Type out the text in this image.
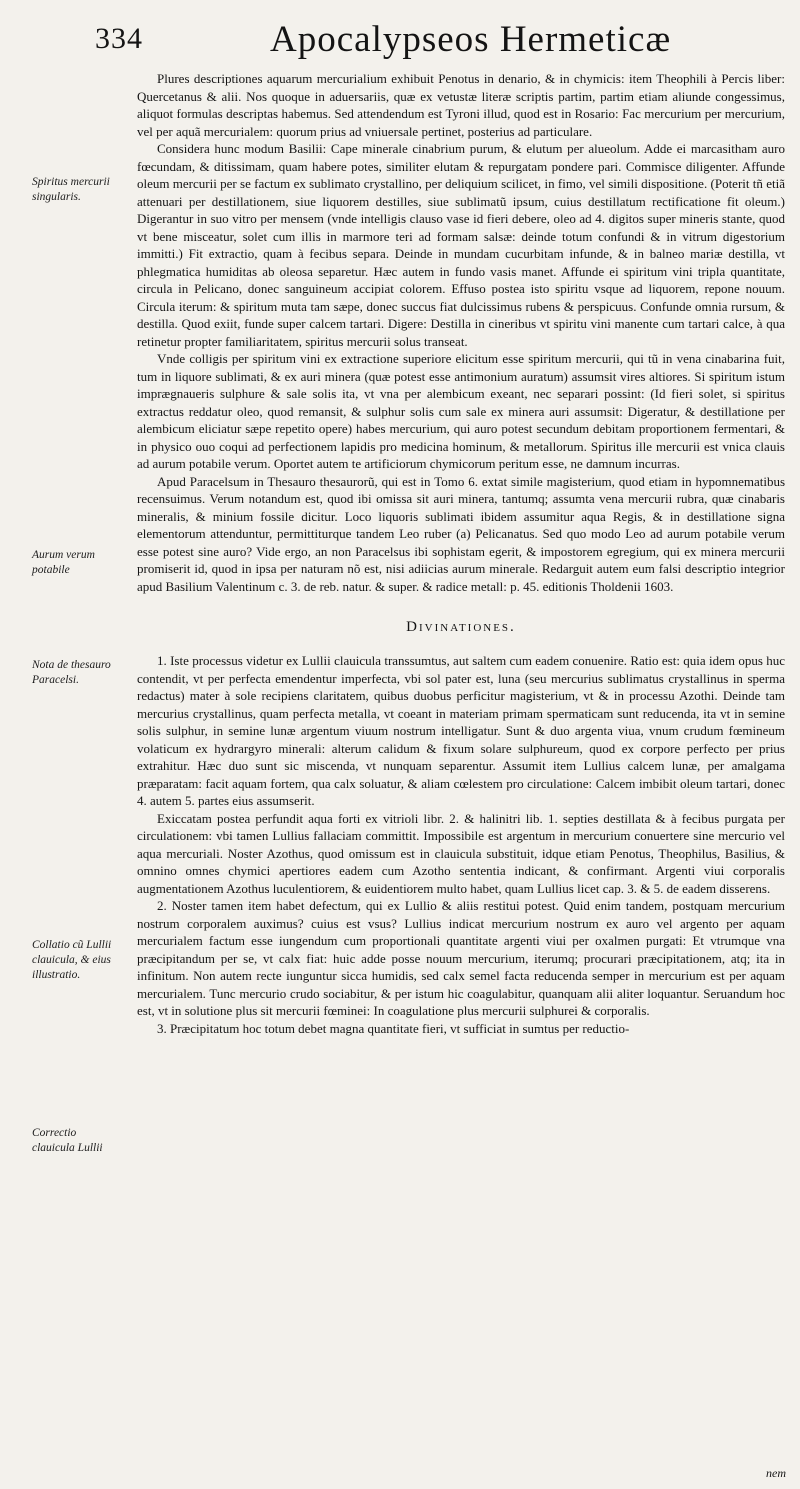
334	Apocalypseos Hermeticæ
Spiritus mercurii singularis.
Aurum verum potabile
Nota de thesauro Paracelsi.
Collatio cũ Lullii clauicula, & eius illustratio.
Correctio clauicula Lullii

Plures descriptiones aquarum mercurialium exhibuit Penotus in denario, & in chymicis: item Theophili à Percis liber: Quercetanus & alii. Nos quoque in aduersariis, quæ ex vetustæ literæ scriptis partim, partim etiam aliunde congessimus, aliquot formulas descriptas habemus. Sed attendendum est Tyroni illud, quod est in Rosario: Fac mercurium per mercurium, vel per aquã mercurialem: quorum prius ad vniuersale pertinet, posterius ad particulare.

Considera hunc modum Basilii: Cape minerale cinabrium purum, & elutum per alueolum. Adde ei marcasitham auro fœcundam, & ditissimam, quam habere potes, similiter elutam & repurgatam pondere pari. Commisce diligenter. Affunde oleum mercurii per se factum ex sublimato crystallino, per deliquium scilicet, in fimo, vel simili dispositione. (Poterit tñ etiã attenuari per destillationem, siue liquorem destilles, siue sublimatũ ipsum, cuius destillatum rectificatione fit oleum.) Digerantur in suo vitro per mensem (vnde intelligis clauso vase id fieri debere, oleo ad 4. digitos super mineris stante, quod vt bene misceatur, solet cum illis in marmore teri ad formam salsæ: deinde totum confundi & in vitrum digestorium immitti.) Fit extractio, quam à fecibus separa. Deinde in mundam cucurbitam infunde, & in balneo mariæ destilla, vt phlegmatica humiditas ab oleosa separetur. Hæc autem in fundo vasis manet. Affunde ei spiritum vini tripla quantitate, circula in Pelicano, donec sanguineum accipiat colorem. Effuso postea isto spiritu vsque ad liquorem, repone nouum. Circula iterum: & spiritum muta tam sæpe, donec succus fiat dulcissimus rubens & perspicuus. Confunde omnia rursum, & destilla. Quod exiit, funde super calcem tartari. Digere: Destilla in cineribus vt spiritu vini manente cum tartari calce, à qua retinetur propter familiaritatem, spiritus mercurii solus transeat.

Vnde colligis per spiritum vini ex extractione superiore elicitum esse spiritum mercurii, qui tũ in vena cinabarina fuit, tum in liquore sublimati, & ex auri minera (quæ potest esse antimonium auratum) assumsit vires altiores. Si spiritum istum imprægnaueris sulphure & sale solis ita, vt vna per alembicum exeant, nec separari possint: (Id fieri solet, si spiritus extractus reddatur oleo, quod remansit, & sulphur solis cum sale ex minera auri assumsit: Digeratur, & destillatione per alembicum eliciatur sæpe repetito opere) habes mercurium, qui auro potest secundum debitam proportionem fermentari, & in physico ouo coqui ad perfectionem lapidis pro medicina hominum, & metallorum. Spiritus ille mercurii est vnica clauis ad aurum potabile verum. Oportet autem te artificiorum chymicorum peritum esse, ne damnum incurras.

Apud Paracelsum in Thesauro thesaurorũ, qui est in Tomo 6. extat simile magisterium, quod etiam in hypomnematibus recensuimus. Verum notandum est, quod ibi omissa sit auri minera, tantumq; assumta vena mercurii rubra, quæ cinabaris mineralis, & minium fossile dicitur. Loco liquoris sublimati ibidem assumitur aqua Regis, & in destillatione signa elementorum attenduntur, permittiturque tandem Leo ruber (a) Pelicanatus. Sed quo modo Leo ad aurum potabile verum esse potest sine auro? Vide ergo, an non Paracelsus ibi sophistam egerit, & impostorem egregium, qui ex minera mercurii promiserit id, quod in ipsa per naturam nõ est, nisi adiicias aurum minerale. Redarguit autem eum falsi descriptio integrior apud Basilium Valentinum c. 3. de reb. natur. & super. & radice metall: p. 45. editionis Tholdenii 1603.

Divinationes.

1. Iste processus videtur ex Lullii clauicula transsumtus, aut saltem cum eadem conuenire. Ratio est: quia idem opus huc contendit, vt per perfecta emendentur imperfecta, vbi sol pater est, luna (seu mercurius sublimatus crystallinus in sperma redactus) mater à sole recipiens claritatem, quibus duobus perficitur magisterium, vt & in processu Azothi. Deinde tam mercurius crystallinus, quam perfecta metalla, vt coeant in materiam primam spermaticam sunt reducenda, ita vt in semine solis sulphur, in semine lunæ argentum viuum nostrum intelligatur. Sunt & duo argenta viua, vnum crudum fœmineum volaticum ex hydrargyro minerali: alterum calidum & fixum solare sulphureum, quod ex corpore perfecto per prius extrahitur. Hæc duo sunt sic miscenda, vt nunquam separentur. Assumit item Lullius calcem lunæ, per amalgama præparatam: facit aquam fortem, qua calx soluatur, & aliam cœlestem pro circulatione: Calcem imbibit oleum tartari, donec 4. autem 5. partes eius assumserit.

Exiccatam postea perfundit aqua forti ex vitrioli libr. 2. & halinitri lib. 1. septies destillata & à fecibus purgata per circulationem: vbi tamen Lullius fallaciam committit. Impossibile est argentum in mercurium conuertere sine mercurio vel aqua mercuriali. Noster Azothus, quod omissum est in clauicula substituit, idque etiam Penotus, Theophilus, Basilius, & omnino omnes chymici apertiores eadem cum Azotho sententia indicant, & confirmant. Argenti viui corporalis augmentationem Azothus luculentiorem, & euidentiorem multo habet, quam Lullius licet cap. 3. & 5. de eadem disserens.

2. Noster tamen item habet defectum, qui ex Lullio & aliis restitui potest. Quid enim tandem, postquam mercurium nostrum corporalem auximus? cuius est vsus? Lullius indicat mercurium nostrum ex auro vel argento per aquam mercurialem factum esse iungendum cum proportionali quantitate argenti viui per oxalmen purgati: Et vtrumque vna præcipitandum per se, vt calx fiat: huic adde posse nouum mercurium, iterumq; procurari præcipitationem, atq; ita in infinitum. Non autem recte iunguntur sicca humidis, sed calx semel facta reducenda semper in mercurium est per aquam mercurialem. Tunc mercurio crudo sociabitur, & per istum hic coagulabitur, quanquam alii aliter loquantur. Seruandum hoc est, vt in solutione plus sit mercurii fœminei: In coagulatione plus mercurii sulphurei & corporalis.

3. Præcipitatum hoc totum debet magna quantitate fieri, vt sufficiat in sumtus per reductio-

nem
